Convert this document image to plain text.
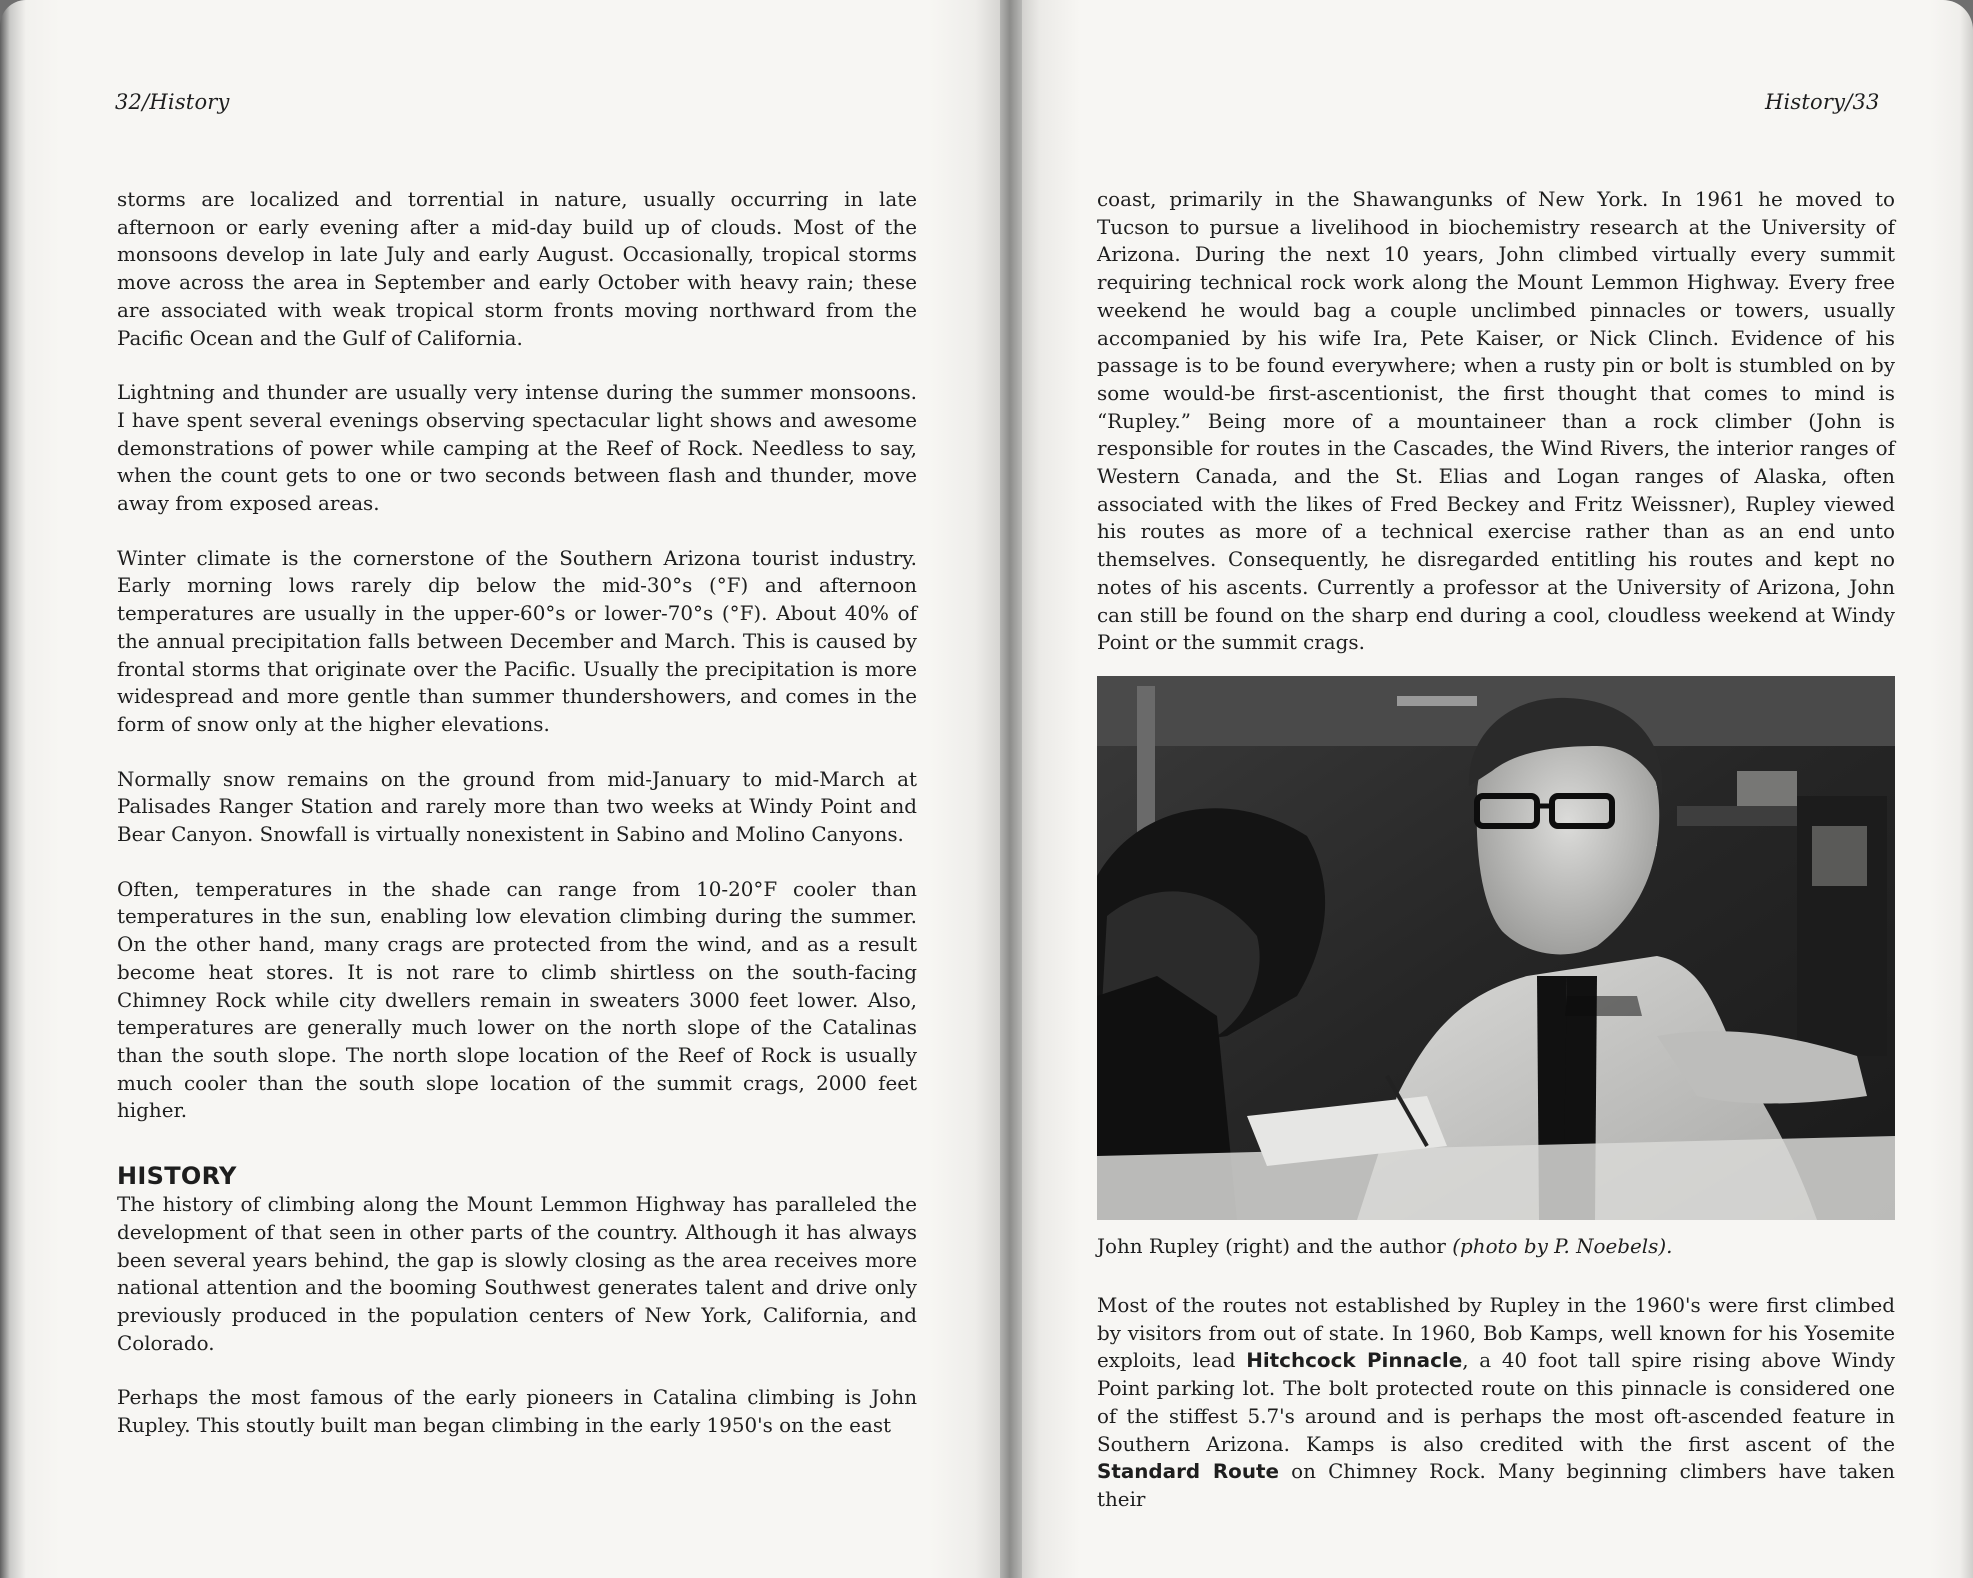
32/History	History/33

storms are localized and torrential in nature, usually occurring in late afternoon or early evening after a mid-day build up of clouds. Most of the monsoons develop in late July and early August. Occasionally, tropical storms move across the area in September and early October with heavy rain; these are associated with weak tropical storm fronts moving northward from the Pacific Ocean and the Gulf of California.

Lightning and thunder are usually very intense during the summer monsoons. I have spent several evenings observing spectacular light shows and awesome demonstrations of power while camping at the Reef of Rock. Needless to say, when the count gets to one or two seconds between flash and thunder, move away from exposed areas.

Winter climate is the cornerstone of the Southern Arizona tourist industry. Early morning lows rarely dip below the mid-30°s (°F) and afternoon temperatures are usually in the upper-60°s or lower-70°s (°F). About 40% of the annual precipitation falls between December and March. This is caused by frontal storms that originate over the Pacific. Usually the precipitation is more widespread and more gentle than summer thundershowers, and comes in the form of snow only at the higher elevations.

Normally snow remains on the ground from mid-January to mid-March at Palisades Ranger Station and rarely more than two weeks at Windy Point and Bear Canyon. Snowfall is virtually nonexistent in Sabino and Molino Canyons.

Often, temperatures in the shade can range from 10-20°F cooler than temperatures in the sun, enabling low elevation climbing during the summer. On the other hand, many crags are protected from the wind, and as a result become heat stores. It is not rare to climb shirtless on the south-facing Chimney Rock while city dwellers remain in sweaters 3000 feet lower. Also, temperatures are generally much lower on the north slope of the Catalinas than the south slope. The north slope location of the Reef of Rock is usually much cooler than the south slope location of the summit crags, 2000 feet higher.

HISTORY

The history of climbing along the Mount Lemmon Highway has paralleled the development of that seen in other parts of the country. Although it has always been several years behind, the gap is slowly closing as the area receives more national attention and the booming Southwest generates talent and drive only previously produced in the population centers of New York, California, and Colorado.

Perhaps the most famous of the early pioneers in Catalina climbing is John Rupley. This stoutly built man began climbing in the early 1950's on the east

coast, primarily in the Shawangunks of New York. In 1961 he moved to Tucson to pursue a livelihood in biochemistry research at the University of Arizona. During the next 10 years, John climbed virtually every summit requiring technical rock work along the Mount Lemmon Highway. Every free weekend he would bag a couple unclimbed pinnacles or towers, usually accompanied by his wife Ira, Pete Kaiser, or Nick Clinch. Evidence of his passage is to be found everywhere; when a rusty pin or bolt is stumbled on by some would-be first-ascentionist, the first thought that comes to mind is “Rupley.” Being more of a mountaineer than a rock climber (John is responsible for routes in the Cascades, the Wind Rivers, the interior ranges of Western Canada, and the St. Elias and Logan ranges of Alaska, often associated with the likes of Fred Beckey and Fritz Weissner), Rupley viewed his routes as more of a technical exercise rather than as an end unto themselves. Consequently, he disregarded entitling his routes and kept no notes of his ascents. Currently a professor at the University of Arizona, John can still be found on the sharp end during a cool, cloudless weekend at Windy Point or the summit crags.

John Rupley (right) and the author (photo by P. Noebels).

Most of the routes not established by Rupley in the 1960's were first climbed by visitors from out of state. In 1960, Bob Kamps, well known for his Yosemite exploits, lead Hitchcock Pinnacle, a 40 foot tall spire rising above Windy Point parking lot. The bolt protected route on this pinnacle is considered one of the stiffest 5.7's around and is perhaps the most oft-ascended feature in Southern Arizona. Kamps is also credited with the first ascent of the Standard Route on Chimney Rock. Many beginning climbers have taken their
